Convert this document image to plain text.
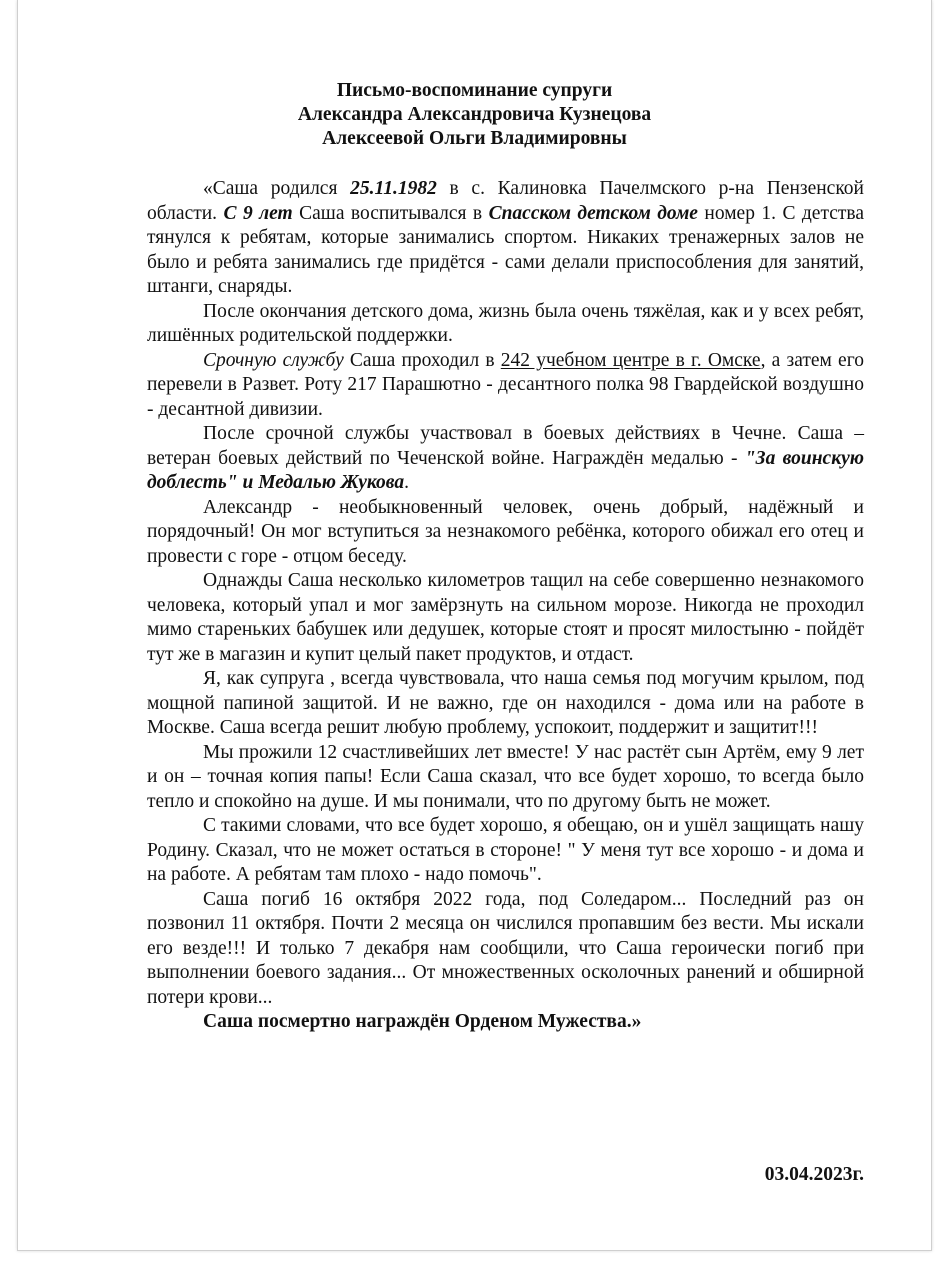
Письмо-воспоминание супруги
Александра Александровича Кузнецова
Алексеевой Ольги Владимировны

«Саша родился 25.11.1982 в с. Калиновка Пачелмского р-на Пензенской области. С 9 лет Саша воспитывался в Спасском детском доме номер 1. С детства тянулся к ребятам, которые занимались спортом. Никаких тренажерных залов не было и ребята занимались где придётся - сами делали приспособления для занятий, штанги, снаряды.

После окончания детского дома, жизнь была очень тяжёлая, как и у всех ребят, лишённых родительской поддержки.

Срочную службу Саша проходил в 242 учебном центре в г. Омске, а затем его перевели в Развет. Роту 217 Парашютно - десантного полка 98 Гвардейской воздушно - десантной дивизии.

После срочной службы участвовал в боевых действиях в Чечне. Саша – ветеран боевых действий по Чеченской войне. Награждён медалью - "За воинскую доблесть" и Медалью Жукова.

Александр - необыкновенный человек, очень добрый, надёжный и порядочный! Он мог вступиться за незнакомого ребёнка, которого обижал его отец и провести с горе - отцом беседу.

Однажды Саша несколько километров тащил на себе совершенно незнакомого человека, который упал и мог замёрзнуть на сильном морозе. Никогда не проходил мимо старeньких бабушек или дедушек, которые стоят и просят милостыню - пойдёт тут же в магазин и купит целый пакет продуктов, и отдаст.

Я, как супруга , всегда чувствовала, что наша семья под могучим крылом, под мощной папиной защитой. И не важно, где он находился - дома или на работе в Москве. Саша всегда решит любую проблему, успокоит, поддержит и защитит!!!

Мы прожили 12 счастливейших лет вместе! У нас растёт сын Артём, ему 9 лет и он – точная копия папы! Если Саша сказал, что все будет хорошо, то всегда было тепло и спокойно на душе. И мы понимали, что по другому быть не может.

С такими словами, что все будет хорошо, я обещаю, он и ушёл защищать нашу Родину. Сказал, что не может остаться в стороне! " У меня тут все хорошо - и дома и на работе. А ребятам там плохо - надо помочь".

Саша погиб 16 октября 2022 года, под Соледаром... Последний раз он позвонил 11 октября. Почти 2 месяца он числился пропавшим без вести. Мы искали его везде!!! И только 7 декабря нам сообщили, что Саша героически погиб при выполнении боевого задания... От множественных осколочных ранений и обширной потери крови...

Саша посмертно награждён Орденом Мужества.»

03.04.2023г.
